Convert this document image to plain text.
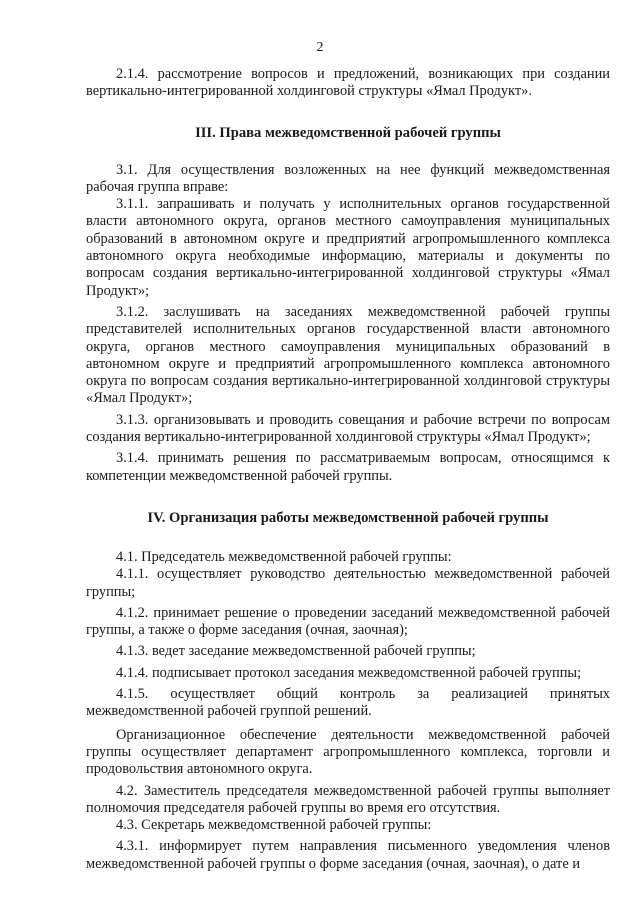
2

2.1.4. рассмотрение вопросов и предложений, возникающих при создании вертикально-интегрированной холдинговой структуры «Ямал Продукт».

III. Права межведомственной рабочей группы

3.1. Для осуществления возложенных на нее функций межведомственная рабочая группа вправе:

3.1.1. запрашивать и получать у исполнительных органов государственной власти автономного округа, органов местного самоуправления муниципальных образований в автономном округе и предприятий агропромышленного комплекса автономного округа необходимые информацию, материалы и документы по вопросам создания вертикально-интегрированной холдинговой структуры «Ямал Продукт»;

3.1.2. заслушивать на заседаниях межведомственной рабочей группы представителей исполнительных органов государственной власти автономного округа, органов местного самоуправления муниципальных образований в автономном округе и предприятий агропромышленного комплекса автономного округа по вопросам создания вертикально-интегрированной холдинговой структуры «Ямал Продукт»;

3.1.3. организовывать и проводить совещания и рабочие встречи по вопросам создания вертикально-интегрированной холдинговой структуры «Ямал Продукт»;

3.1.4. принимать решения по рассматриваемым вопросам, относящимся к компетенции межведомственной рабочей группы.

IV. Организация работы межведомственной рабочей группы

4.1. Председатель межведомственной рабочей группы:

4.1.1. осуществляет руководство деятельностью межведомственной рабочей группы;

4.1.2. принимает решение о проведении заседаний межведомственной рабочей группы, а также о форме заседания (очная, заочная);

4.1.3. ведет заседание межведомственной рабочей группы;

4.1.4. подписывает протокол заседания межведомственной рабочей группы;

4.1.5. осуществляет общий контроль за реализацией принятых межведомственной рабочей группой решений.

Организационное обеспечение деятельности межведомственной рабочей группы осуществляет департамент агропромышленного комплекса, торговли и продовольствия автономного округа.

4.2. Заместитель председателя межведомственной рабочей группы выполняет полномочия председателя рабочей группы во время его отсутствия.

4.3. Секретарь межведомственной рабочей группы:

4.3.1. информирует путем направления письменного уведомления членов межведомственной рабочей группы о форме заседания (очная, заочная), о дате и
